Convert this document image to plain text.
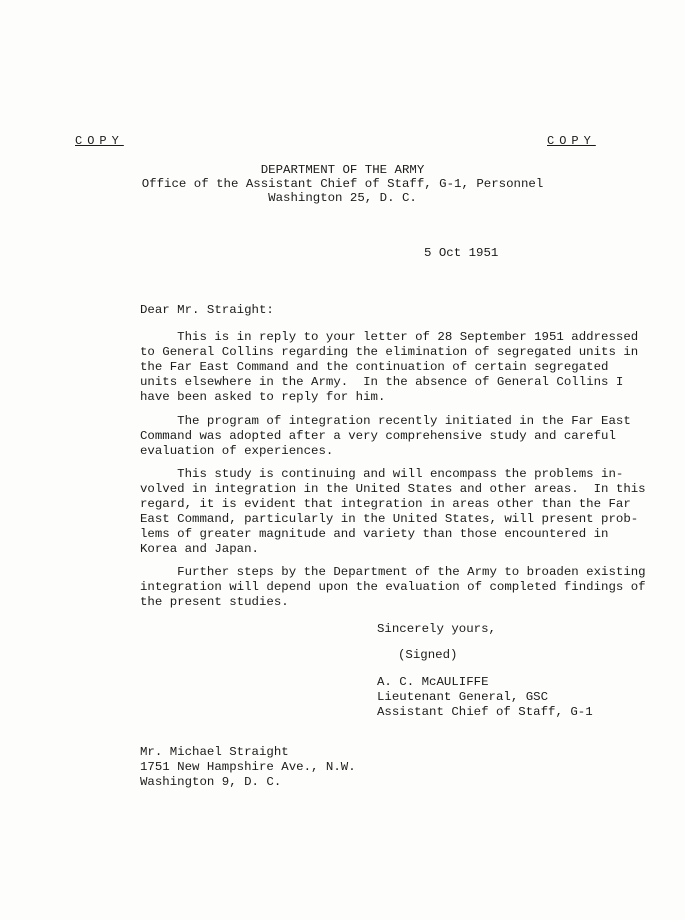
COPY	COPY
DEPARTMENT OF THE ARMY
Office of the Assistant Chief of Staff, G-1, Personnel
Washington 25, D. C.
5 Oct 1951
Dear Mr. Straight:
This is in reply to your letter of 28 September 1951 addressed
to General Collins regarding the elimination of segregated units in
the Far East Command and the continuation of certain segregated
units elsewhere in the Army.  In the absence of General Collins I
have been asked to reply for him.
The program of integration recently initiated in the Far East
Command was adopted after a very comprehensive study and careful
evaluation of experiences.
This study is continuing and will encompass the problems in-
volved in integration in the United States and other areas.  In this
regard, it is evident that integration in areas other than the Far
East Command, particularly in the United States, will present prob-
lems of greater magnitude and variety than those encountered in
Korea and Japan.
Further steps by the Department of the Army to broaden existing
integration will depend upon the evaluation of completed findings of
the present studies.
Sincerely yours,
(Signed)
A. C. McAULIFFE
Lieutenant General, GSC
Assistant Chief of Staff, G-1
Mr. Michael Straight
1751 New Hampshire Ave., N.W.
Washington 9, D. C.
